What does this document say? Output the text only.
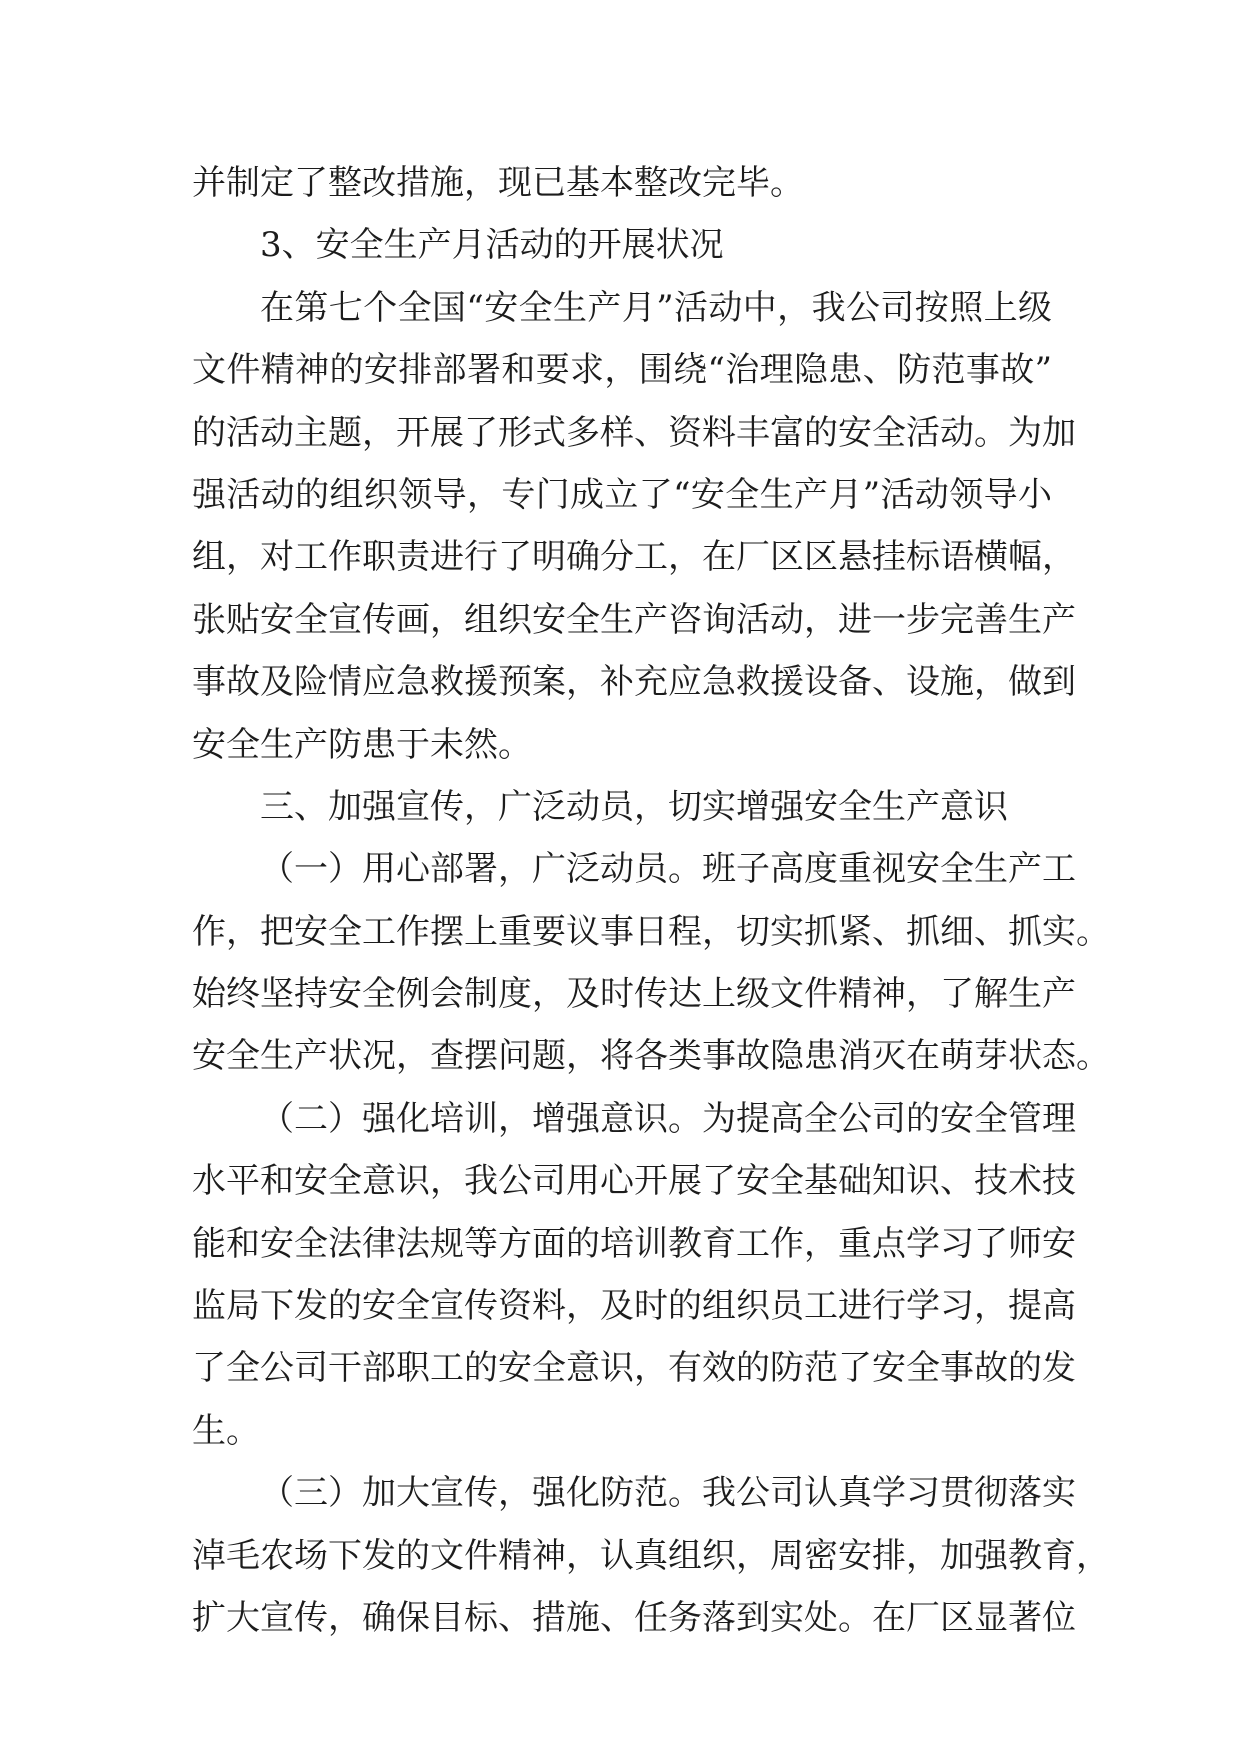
并制定了整改措施，现已基本整改完毕。
3、安全生产月活动的开展状况
在第七个全国“安全生产月”活动中，我公司按照上级
文件精神的安排部署和要求，围绕“治理隐患、防范事故”
的活动主题，开展了形式多样、资料丰富的安全活动。为加
强活动的组织领导，专门成立了“安全生产月”活动领导小
组，对工作职责进行了明确分工，在厂区区悬挂标语横幅，
张贴安全宣传画，组织安全生产咨询活动，进一步完善生产
事故及险情应急救援预案，补充应急救援设备、设施，做到
安全生产防患于未然。
三、加强宣传，广泛动员，切实增强安全生产意识
（一）用心部署，广泛动员。班子高度重视安全生产工
作，把安全工作摆上重要议事日程，切实抓紧、抓细、抓实。
始终坚持安全例会制度，及时传达上级文件精神，了解生产
安全生产状况，查摆问题，将各类事故隐患消灭在萌芽状态。
（二）强化培训，增强意识。为提高全公司的安全管理
水平和安全意识，我公司用心开展了安全基础知识、技术技
能和安全法律法规等方面的培训教育工作，重点学习了师安
监局下发的安全宣传资料，及时的组织员工进行学习，提高
了全公司干部职工的安全意识，有效的防范了安全事故的发
生。
（三）加大宣传，强化防范。我公司认真学习贯彻落实
淖毛农场下发的文件精神，认真组织，周密安排，加强教育，
扩大宣传，确保目标、措施、任务落到实处。在厂区显著位
